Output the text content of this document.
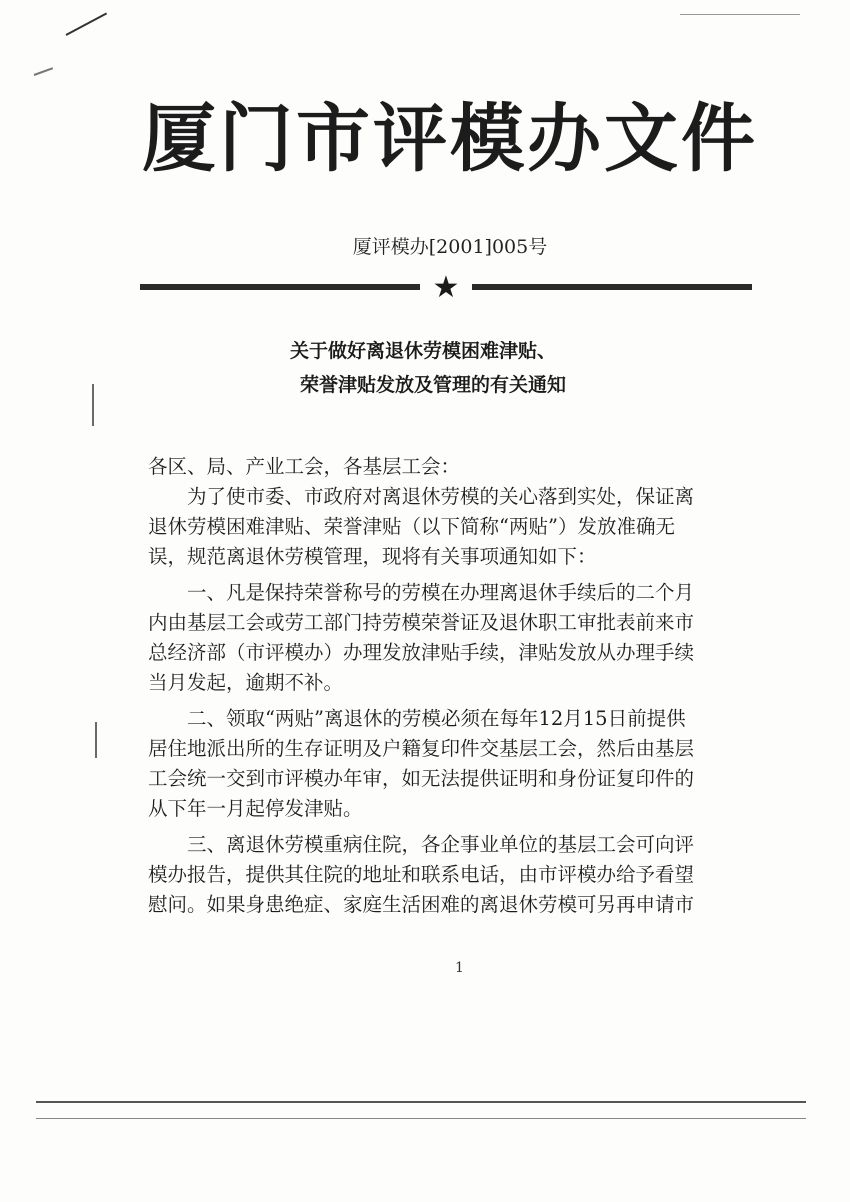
厦门市评模办文件
厦评模办[2001]005号
★
关于做好离退休劳模困难津贴、
荣誉津贴发放及管理的有关通知
各区、局、产业工会，各基层工会：
　　为了使市委、市政府对离退休劳模的关心落到实处，保证离
退休劳模困难津贴、荣誉津贴（以下简称“两贴”）发放准确无
误，规范离退休劳模管理，现将有关事项通知如下：
　　一、凡是保持荣誉称号的劳模在办理离退休手续后的二个月
内由基层工会或劳工部门持劳模荣誉证及退休职工审批表前来市
总经济部（市评模办）办理发放津贴手续，津贴发放从办理手续
当月发起，逾期不补。
　　二、领取“两贴”离退休的劳模必须在每年12月15日前提供
居住地派出所的生存证明及户籍复印件交基层工会，然后由基层
工会统一交到市评模办年审，如无法提供证明和身份证复印件的
从下年一月起停发津贴。
　　三、离退休劳模重病住院，各企事业单位的基层工会可向评
模办报告，提供其住院的地址和联系电话，由市评模办给予看望
慰问。如果身患绝症、家庭生活困难的离退休劳模可另再申请市
1
